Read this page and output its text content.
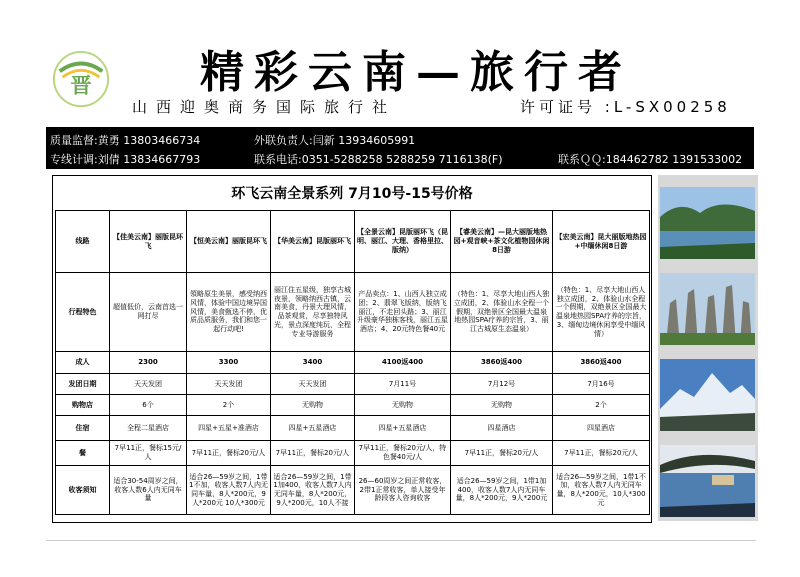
晋 精彩云南—旅行者
山西迎奥商务国际旅行社	许可证号 :L-SX00258
质量监督:黄勇 13803466734	外联负责人:闫新 13934605991
专线计调:刘倩 13834667793	联系电话:0351-5288258 5288259 7116138(F)	联系ＱＱ:184462782 1391533002
环飞云南全景系列 7月10号-15号价格
线路	【佳美云南】丽版昆环飞	【恒美云南】丽版昆环飞	【华美云南】昆版丽环飞	【全景云南】昆版丽环飞（昆明、丽江、大理、香格里拉、版纳）	【睿美云南】—昆大丽版地热园+观音峡+茶文化植物园休闲8日游	【宏美云南】昆大丽版地热园+中缅休闲8日游
行程特色	超值低价，云南首选一网打尽	領略原生美景，感受纳西风情，体验中国边境异国风情，美食甄选不停，优质品质服务，我们和您一起行动吧!	丽江住五星级，独享古城夜景，领略纳西古镇，云南美食，丹景大理风情，品茶观赏，尽享独特风光，景点深度纯玩，全程专业导游服务	产品卖点：1、山西人独立成团；2、翡翠飞版纳，版纳飞丽江，不走回头路；3、丽江升级豪华独栋客栈，丽江五星酒店；4、20元特色餐40元	（特色：1、尽享大地山西人独立成团，2、体验山水全程一个假期，双绝景区全国最大温泉地热园SPA疗养的宗旨，3、丽江古城原生态温泉）	（特色：1、尽享大地山西人独立成团，2、体验山水全程一个假期，双绝景区全国最大温泉地热园SPA疗养的宗旨，3、缅甸边境休闲享受中缅风情）
成人	2300	3300	3400	4100返400	3860返400	3860返400
发团日期	天天发团	天天发团	天天发团	7月11号	7月12号	7月16号
购物店	6个	2个	无购物	无购物	无购物	2个
住宿	全程二星酒店	四星+五星+准酒店	四星+五星酒店	四星+五星酒店	四星酒店	四星酒店
餐	7早11正，餐标15元/人	7早11正，餐标20元/人	7早11正，餐标20元/人	7早11正，餐标20元/人，特色餐40元/人	7早11正，餐标20元/人	7早11正，餐标20元/人
收客须知	适合30-54周岁之间，收客人数6人内无同车量	适合26—59岁之间，1带1不加，收客人数7人内无同车量，8人*200元，9人*200元 10人*300元	适合26—59岁之间，1带1加400，收客人数7人内无同车量，8人*200元，9人*200元，10人不接	26—60周岁之间正常收客，2带1正常收客，单人接受年龄段客人咨询收客	适合26—59岁之间，1带1加400，收客人数7人内无同车量，8人*200元，9人*200元	适合26—59岁之间，1带1不加，收客人数7人内无同车量，8人*200元，10人*300元
